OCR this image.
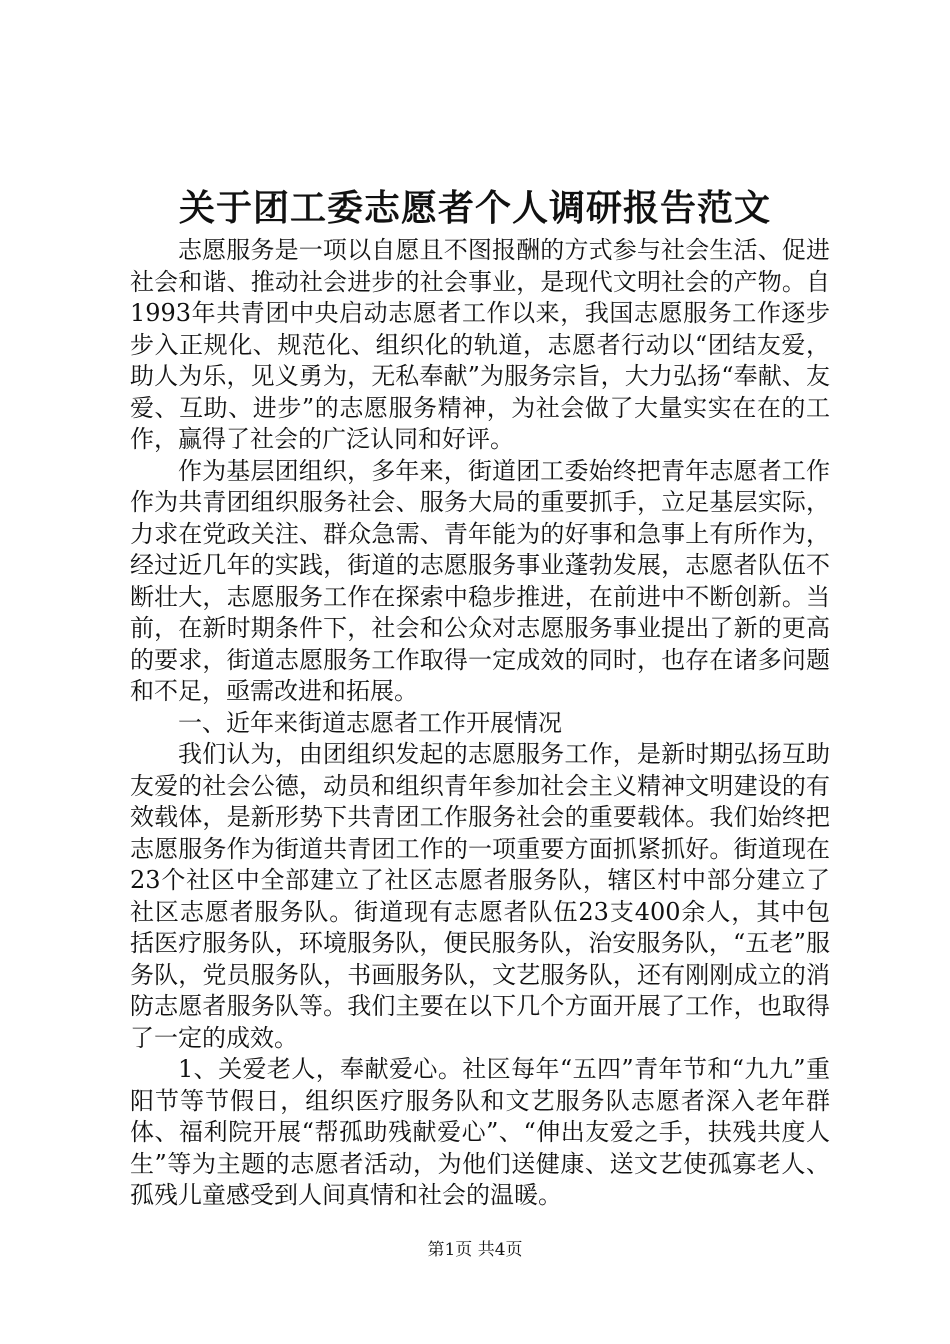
关于团工委志愿者个人调研报告范文

志愿服务是一项以自愿且不图报酬的方式参与社会生活、促进社会和谐、推动社会进步的社会事业，是现代文明社会的产物。自1993年共青团中央启动志愿者工作以来，我国志愿服务工作逐步步入正规化、规范化、组织化的轨道，志愿者行动以“团结友爱，助人为乐，见义勇为，无私奉献”为服务宗旨，大力弘扬“奉献、友爱、互助、进步”的志愿服务精神，为社会做了大量实实在在的工作，赢得了社会的广泛认同和好评。

作为基层团组织，多年来，街道团工委始终把青年志愿者工作作为共青团组织服务社会、服务大局的重要抓手，立足基层实际，力求在党政关注、群众急需、青年能为的好事和急事上有所作为，经过近几年的实践，街道的志愿服务事业蓬勃发展，志愿者队伍不断壮大，志愿服务工作在探索中稳步推进，在前进中不断创新。当前，在新时期条件下，社会和公众对志愿服务事业提出了新的更高的要求，街道志愿服务工作取得一定成效的同时，也存在诸多问题和不足，亟需改进和拓展。

一、近年来街道志愿者工作开展情况

我们认为，由团组织发起的志愿服务工作，是新时期弘扬互助友爱的社会公德，动员和组织青年参加社会主义精神文明建设的有效载体，是新形势下共青团工作服务社会的重要载体。我们始终把志愿服务作为街道共青团工作的一项重要方面抓紧抓好。街道现在23个社区中全部建立了社区志愿者服务队，辖区村中部分建立了社区志愿者服务队。街道现有志愿者队伍23支400余人，其中包括医疗服务队，环境服务队，便民服务队，治安服务队，“五老”服务队，党员服务队，书画服务队，文艺服务队，还有刚刚成立的消防志愿者服务队等。我们主要在以下几个方面开展了工作，也取得了一定的成效。

1、关爱老人，奉献爱心。社区每年“五四”青年节和“九九”重阳节等节假日，组织医疗服务队和文艺服务队志愿者深入老年群体、福利院开展“帮孤助残献爱心”、“伸出友爱之手，扶残共度人生”等为主题的志愿者活动，为他们送健康、送文艺使孤寡老人、孤残儿童感受到人间真情和社会的温暖。

第1页 共4页
